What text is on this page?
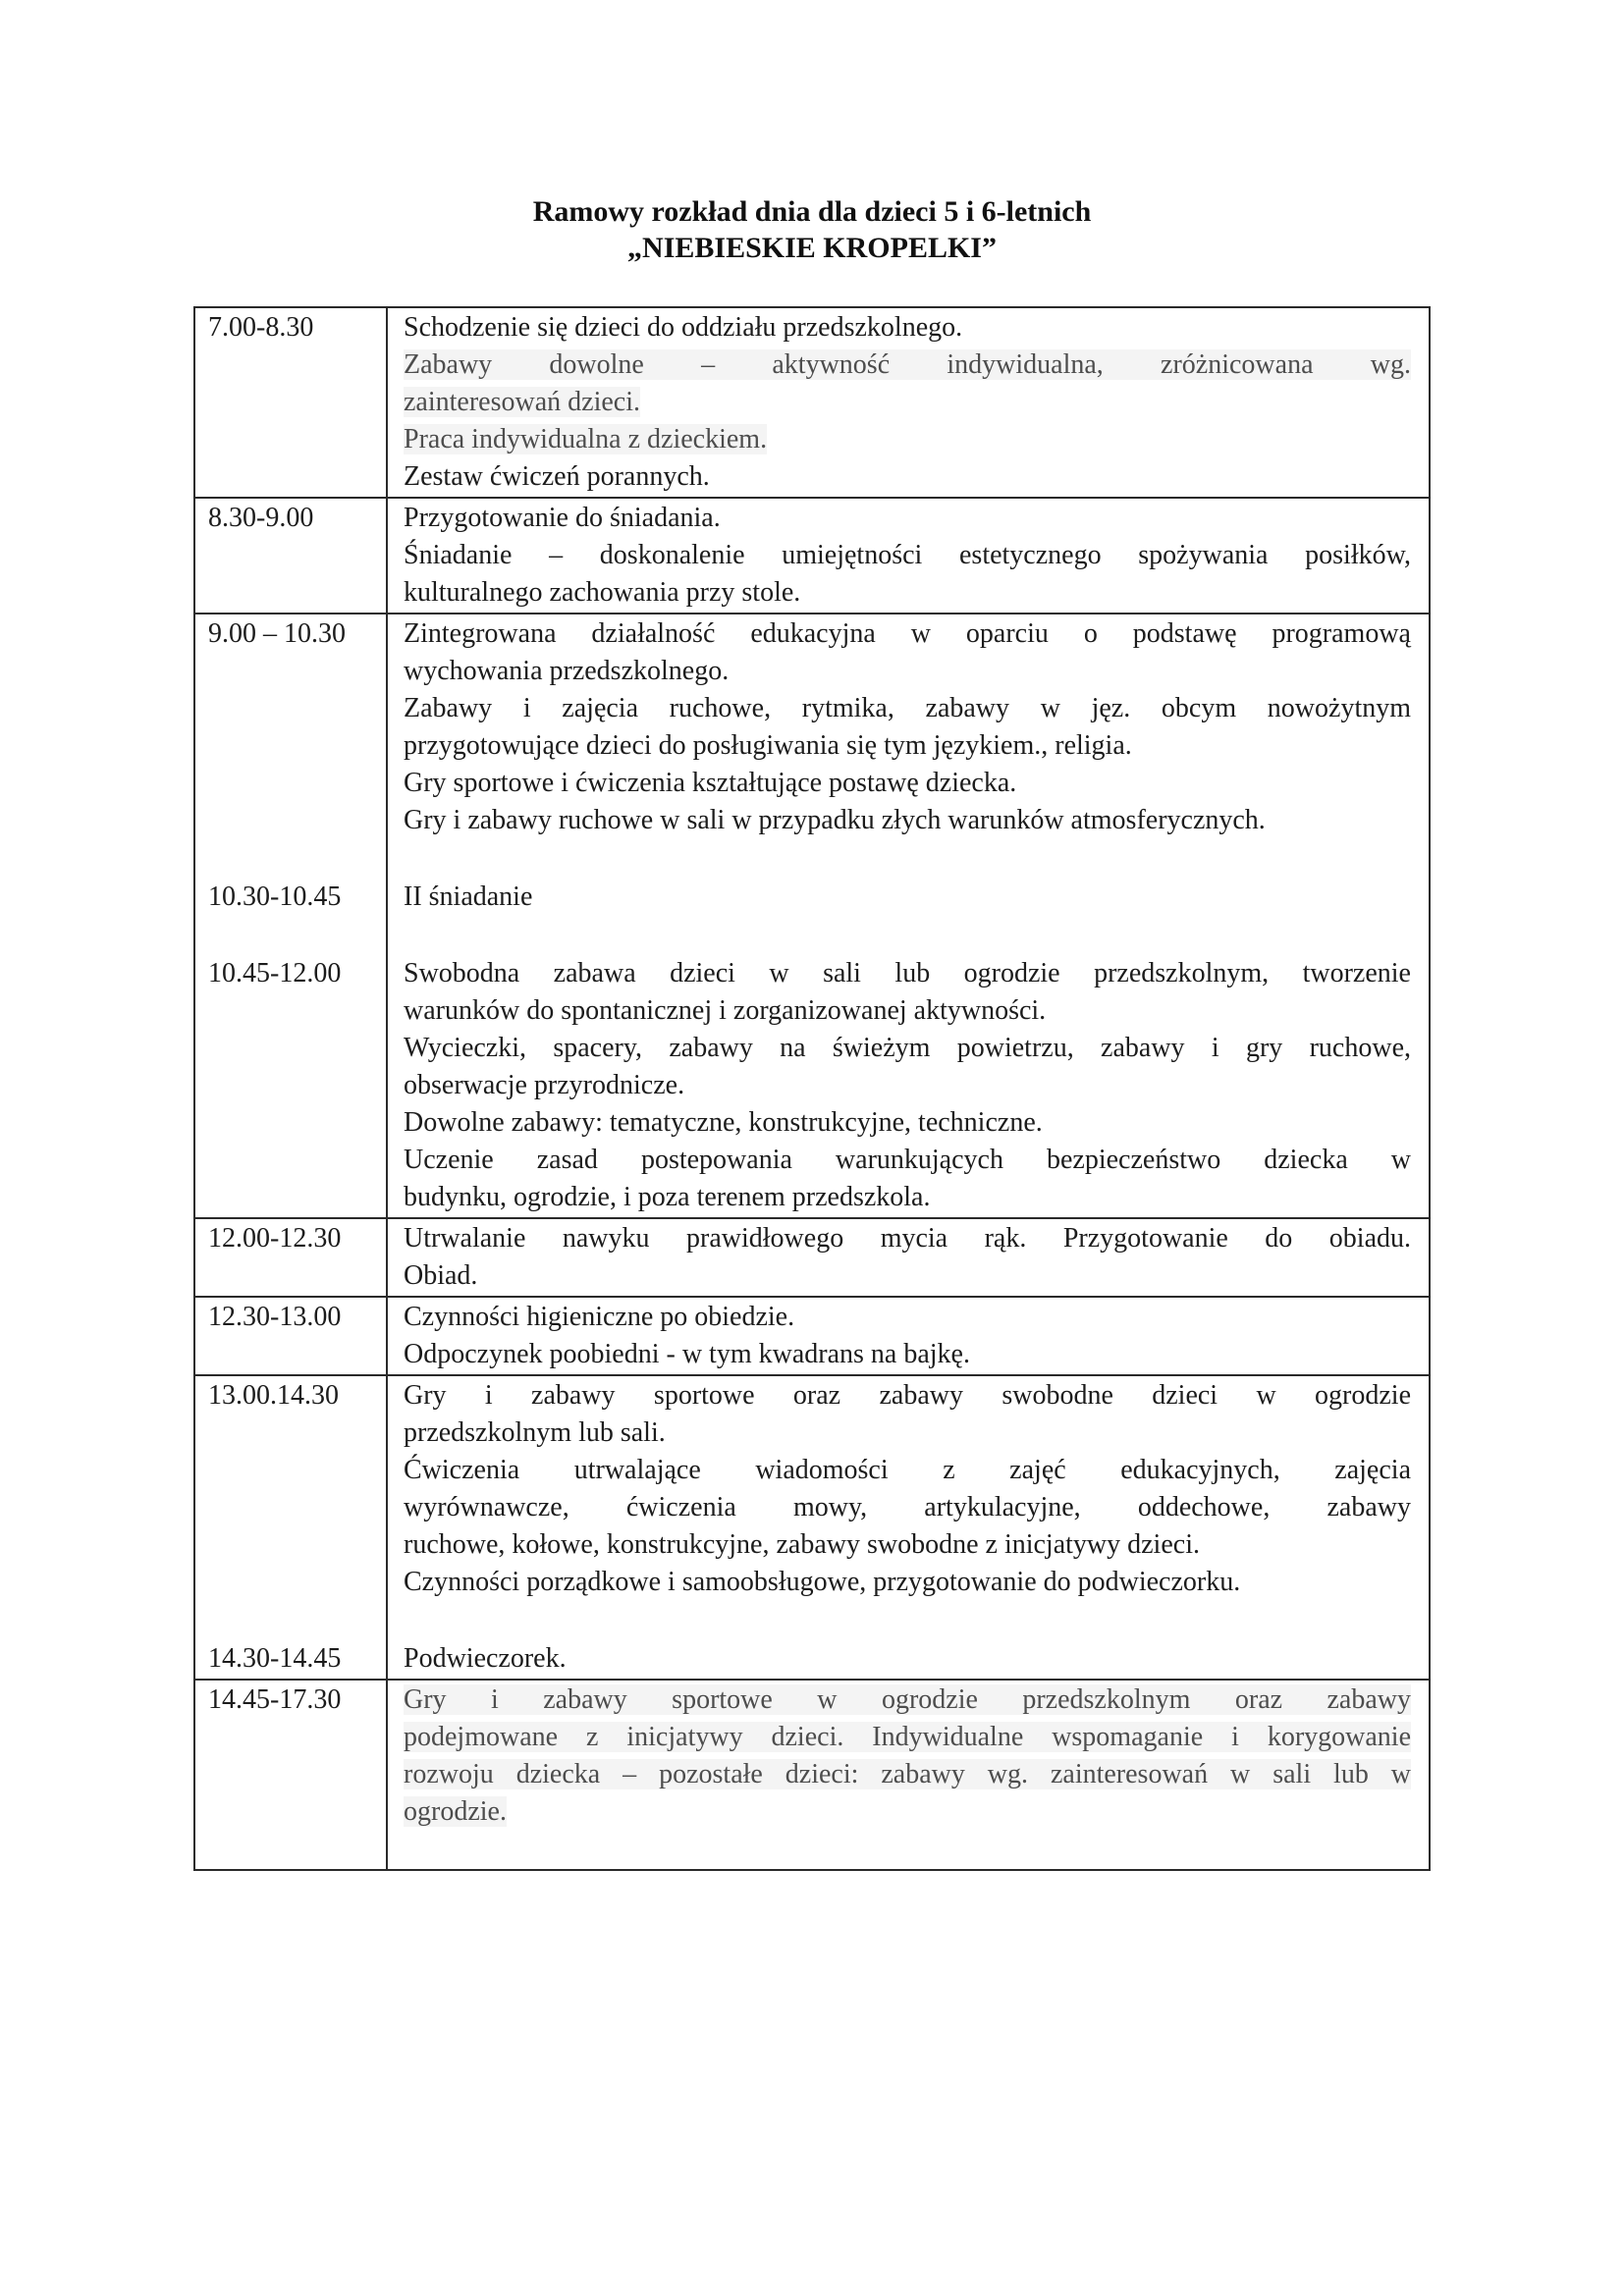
Ramowy rozkład dnia dla dzieci 5 i 6-letnich
„NIEBIESKIE KROPELKI”
7.00-8.30	Schodzenie się dzieci do oddziału przedszkolnego.
Zabawy dowolne – aktywność indywidualna, zróżnicowana wg.
zainteresowań dzieci.
Praca indywidualna z dzieckiem.
Zestaw ćwiczeń porannych.
8.30-9.00	Przygotowanie do śniadania.
Śniadanie – doskonalenie umiejętności estetycznego spożywania posiłków,
kulturalnego zachowania przy stole.
9.00 – 10.30	Zintegrowana działalność edukacyjna w oparciu o podstawę programową
wychowania przedszkolnego.
Zabawy i zajęcia ruchowe, rytmika, zabawy w jęz. obcym nowożytnym
przygotowujące dzieci do posługiwania się tym językiem., religia.
Gry sportowe i ćwiczenia kształtujące postawę dziecka.
Gry i zabawy ruchowe w sali w przypadku złych warunków atmosferycznych.
10.30-10.45	II śniadanie
10.45-12.00	Swobodna zabawa dzieci w sali lub ogrodzie przedszkolnym, tworzenie
warunków do spontanicznej i zorganizowanej aktywności.
Wycieczki, spacery, zabawy na świeżym powietrzu, zabawy i gry ruchowe,
obserwacje przyrodnicze.
Dowolne zabawy: tematyczne, konstrukcyjne, techniczne.
Uczenie zasad postepowania warunkujących bezpieczeństwo dziecka w
budynku, ogrodzie, i poza terenem przedszkola.
12.00-12.30	Utrwalanie nawyku prawidłowego mycia rąk. Przygotowanie do obiadu.
Obiad.
12.30-13.00	Czynności higieniczne po obiedzie.
Odpoczynek poobiedni - w tym kwadrans na bajkę.
13.00.14.30	Gry i zabawy sportowe oraz zabawy swobodne dzieci w ogrodzie
przedszkolnym lub sali.
Ćwiczenia utrwalające wiadomości z zajęć edukacyjnych, zajęcia
wyrównawcze, ćwiczenia mowy, artykulacyjne, oddechowe, zabawy
ruchowe, kołowe, konstrukcyjne, zabawy swobodne z inicjatywy dzieci.
Czynności porządkowe i samoobsługowe, przygotowanie do podwieczorku.
14.30-14.45	Podwieczorek.
14.45-17.30	Gry i zabawy sportowe w ogrodzie przedszkolnym oraz zabawy
podejmowane z inicjatywy dzieci. Indywidualne wspomaganie i korygowanie
rozwoju dziecka – pozostałe dzieci: zabawy wg. zainteresowań w sali lub w
ogrodzie.
